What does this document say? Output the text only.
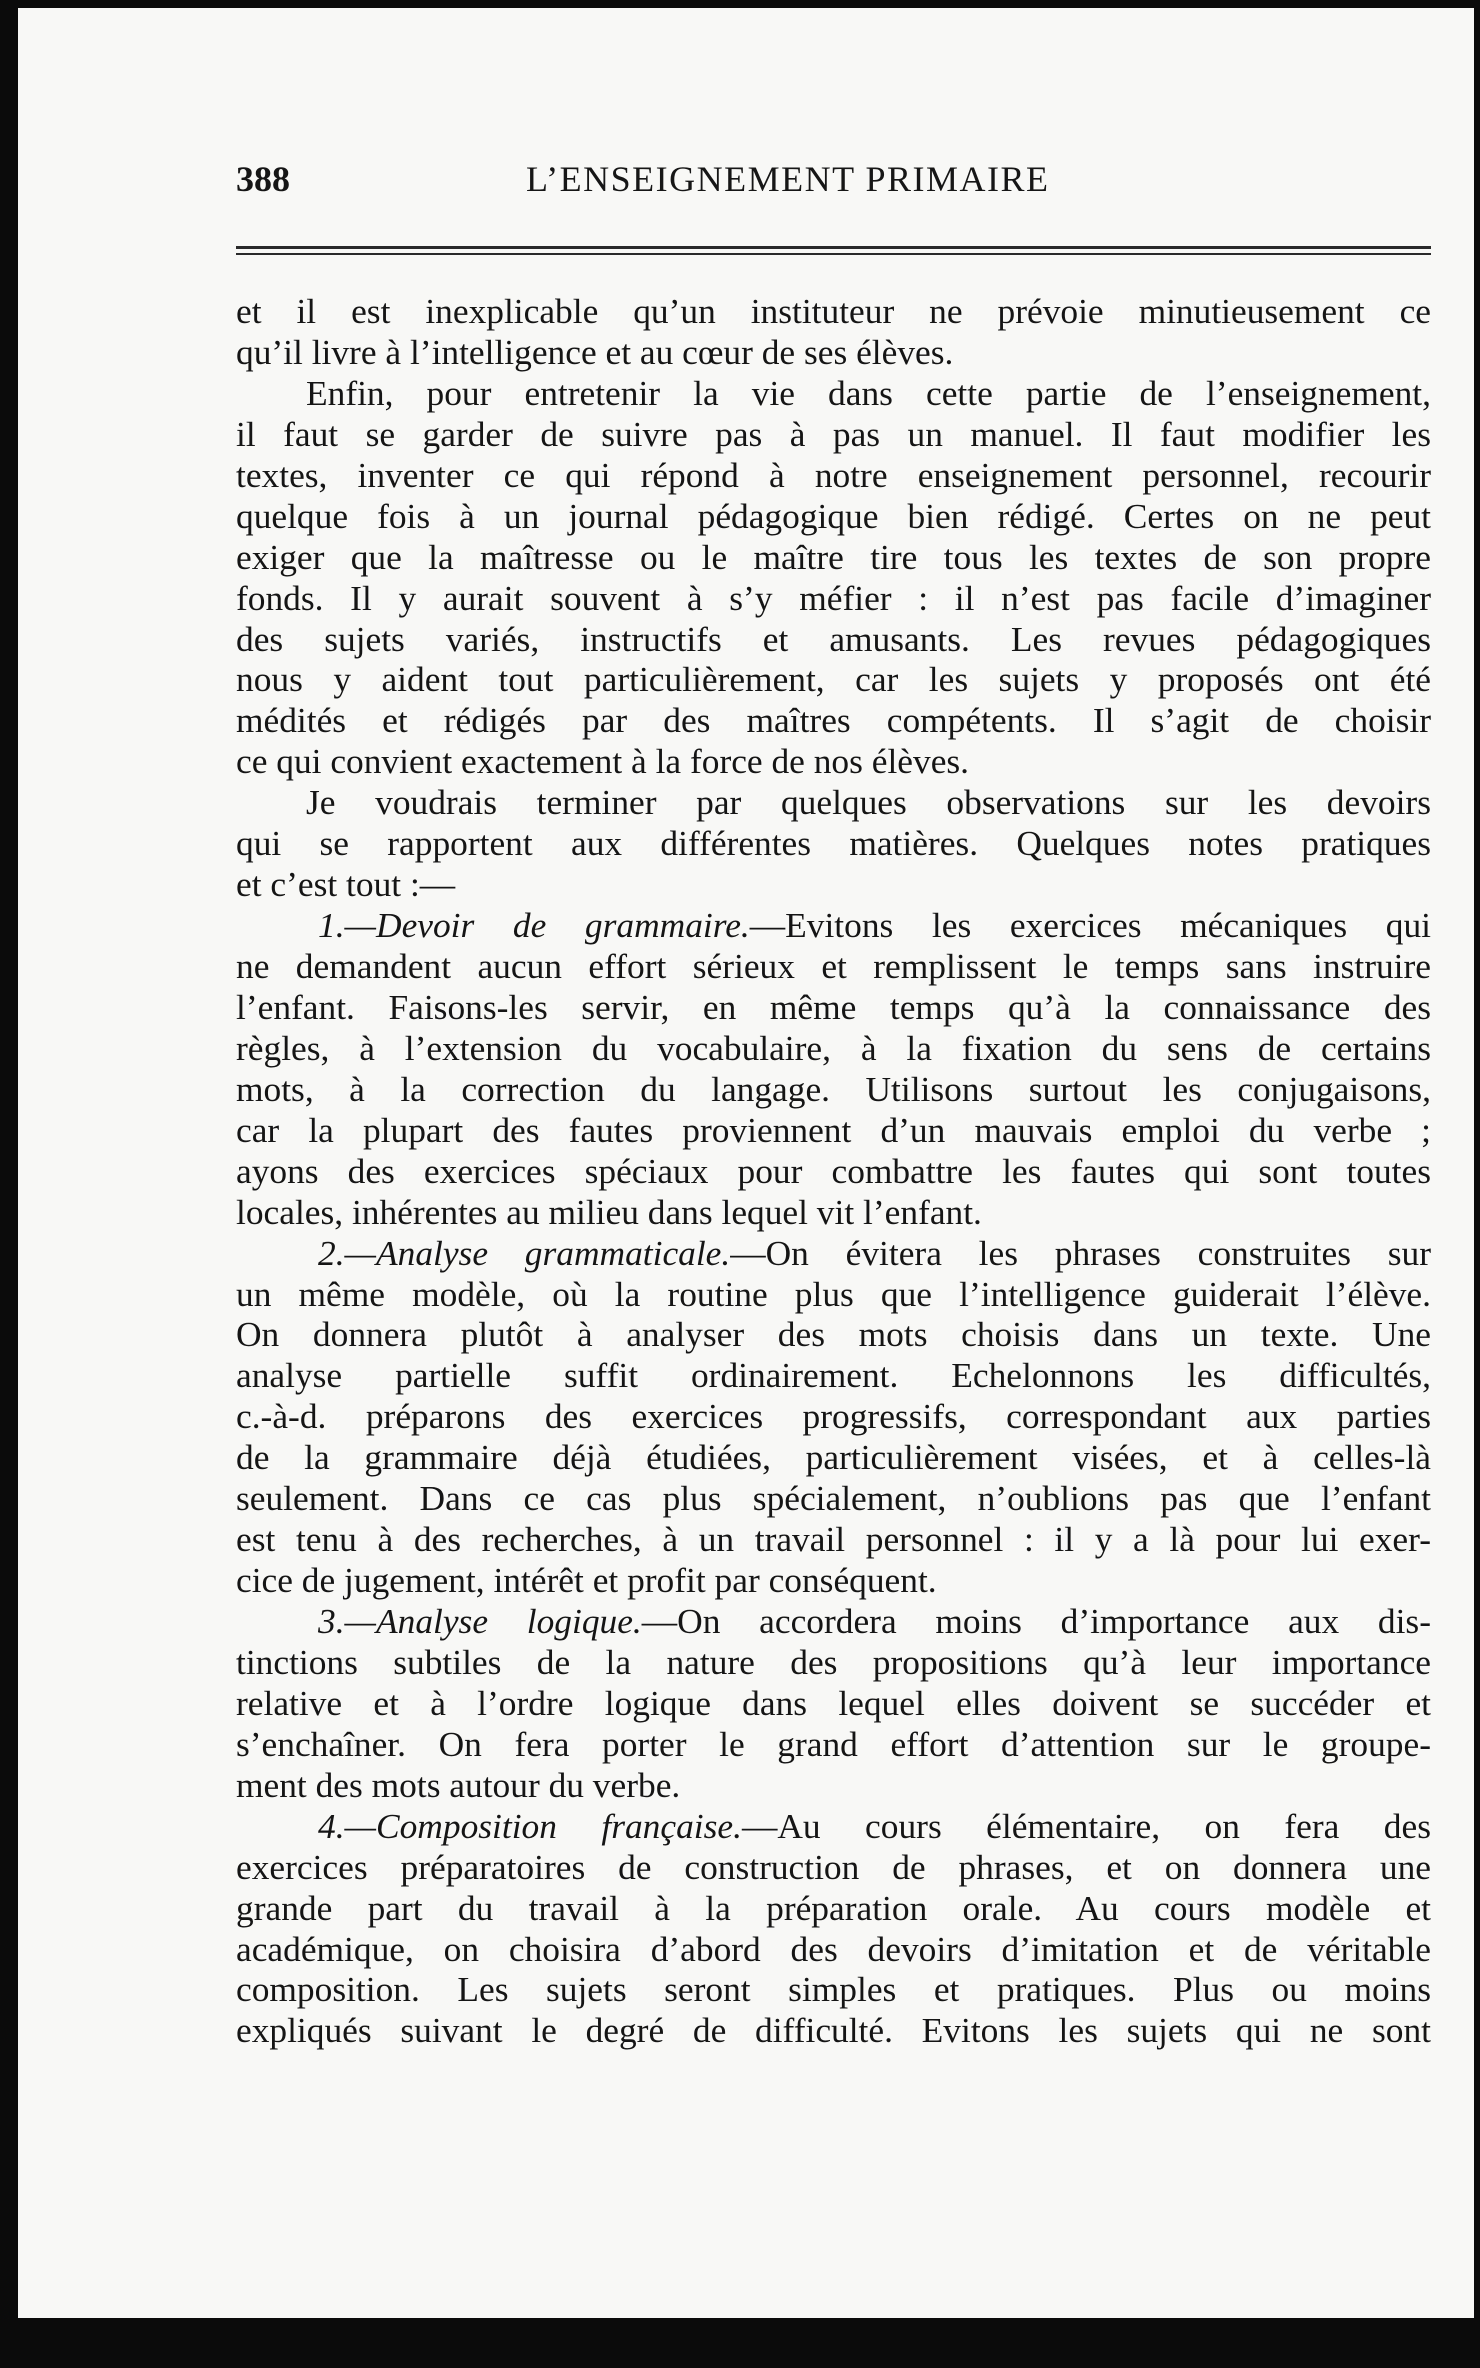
388	L’ENSEIGNEMENT PRIMAIRE
et il est inexplicable qu’un instituteur ne prévoie minutieusement ce
qu’il livre à l’intelligence et au cœur de ses élèves.
Enfin, pour entretenir la vie dans cette partie de l’enseignement,
il faut se garder de suivre pas à pas un manuel. Il faut modifier les
textes, inventer ce qui répond à notre enseignement personnel, recourir
quelque fois à un journal pédagogique bien rédigé. Certes on ne peut
exiger que la maîtresse ou le maître tire tous les textes de son propre
fonds. Il y aurait souvent à s’y méfier : il n’est pas facile d’imaginer
des sujets variés, instructifs et amusants. Les revues pédagogiques
nous y aident tout particulièrement, car les sujets y proposés ont été
médités et rédigés par des maîtres compétents. Il s’agit de choisir
ce qui convient exactement à la force de nos élèves.
Je voudrais terminer par quelques observations sur les devoirs
qui se rapportent aux différentes matières. Quelques notes pratiques
et c’est tout :—
1.—Devoir de grammaire.—Evitons les exercices mécaniques qui
ne demandent aucun effort sérieux et remplissent le temps sans instruire
l’enfant. Faisons-les servir, en même temps qu’à la connaissance des
règles, à l’extension du vocabulaire, à la fixation du sens de certains
mots, à la correction du langage. Utilisons surtout les conjugaisons,
car la plupart des fautes proviennent d’un mauvais emploi du verbe ;
ayons des exercices spéciaux pour combattre les fautes qui sont toutes
locales, inhérentes au milieu dans lequel vit l’enfant.
2.—Analyse grammaticale.—On évitera les phrases construites sur
un même modèle, où la routine plus que l’intelligence guiderait l’élève.
On donnera plutôt à analyser des mots choisis dans un texte. Une
analyse partielle suffit ordinairement. Echelonnons les difficultés,
c.-à-d. préparons des exercices progressifs, correspondant aux parties
de la grammaire déjà étudiées, particulièrement visées, et à celles-là
seulement. Dans ce cas plus spécialement, n’oublions pas que l’enfant
est tenu à des recherches, à un travail personnel : il y a là pour lui exer-
cice de jugement, intérêt et profit par conséquent.
3.—Analyse logique.—On accordera moins d’importance aux dis-
tinctions subtiles de la nature des propositions qu’à leur importance
relative et à l’ordre logique dans lequel elles doivent se succéder et
s’enchaîner. On fera porter le grand effort d’attention sur le groupe-
ment des mots autour du verbe.
4.—Composition française.—Au cours élémentaire, on fera des
exercices préparatoires de construction de phrases, et on donnera une
grande part du travail à la préparation orale. Au cours modèle et
académique, on choisira d’abord des devoirs d’imitation et de véritable
composition. Les sujets seront simples et pratiques. Plus ou moins
expliqués suivant le degré de difficulté. Evitons les sujets qui ne sont
